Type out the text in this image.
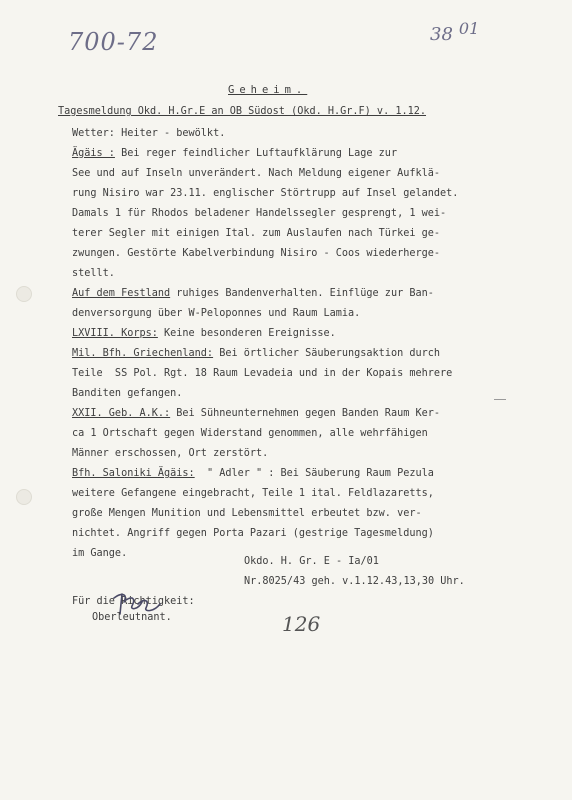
700-72	38 01
Geheim.
Tagesmeldung Okd. H.Gr.E an OB Südost (Okd. H.Gr.F) v. 1.12.
Wetter: Heiter - bewölkt.
Ägäis : Bei reger feindlicher Luftaufklärung Lage zur
See und auf Inseln unverändert. Nach Meldung eigener Aufklä-
rung Nisiro war 23.11. englischer Störtrupp auf Insel gelandet.
Damals 1 für Rhodos beladener Handelssegler gesprengt, 1 wei-
terer Segler mit einigen Ital. zum Auslaufen nach Türkei ge-
zwungen. Gestörte Kabelverbindung Nisiro - Coos wiederherge-
stellt.
Auf dem Festland ruhiges Bandenverhalten. Einflüge zur Ban-
denversorgung über W-Peloponnes und Raum Lamia.
LXVIII. Korps: Keine besonderen Ereignisse.
Mil. Bfh. Griechenland: Bei örtlicher Säuberungsaktion durch
Teile  SS Pol. Rgt. 18 Raum Levadeia und in der Kopais mehrere
Banditen gefangen.
XXII. Geb. A.K.: Bei Sühneunternehmen gegen Banden Raum Ker-
ca 1 Ortschaft gegen Widerstand genommen, alle wehrfähigen
Männer erschossen, Ort zerstört.
Bfh. Saloniki Ägäis:  " Adler " : Bei Säuberung Raum Pezula
weitere Gefangene eingebracht, Teile 1 ital. Feldlazaretts,
große Mengen Munition und Lebensmittel erbeutet bzw. ver-
nichtet. Angriff gegen Porta Pazari (gestrige Tagesmeldung)
im Gange.
Okdo. H. Gr. E - Ia/01
Nr.8025/43 geh. v.1.12.43,13,30 Uhr.
Für die Richtigkeit:
Oberleutnant.	126
